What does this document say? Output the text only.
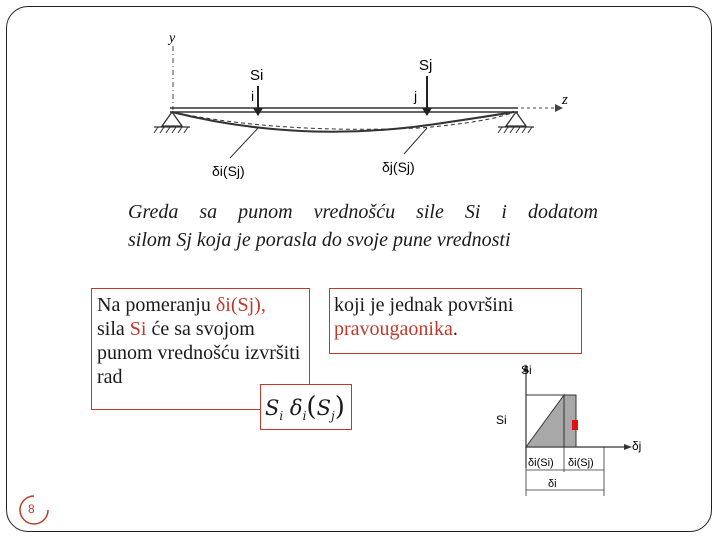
y
z
Si
i
Sj
j
δi(Sj)	δj(Sj)
Greda sa punom vrednošću sile Si i dodatom
silom Sj koja je porasla do svoje pune vrednosti
Na pomeranju δi(Sj),
sila Si će sa svojom punom vrednošću izvršiti rad
$S_i$ $\delta_i(S_j)$
koji je jednak površini pravougaonika.
Si
δj
Si
δi(Si) δi(Sj)
δi
8
